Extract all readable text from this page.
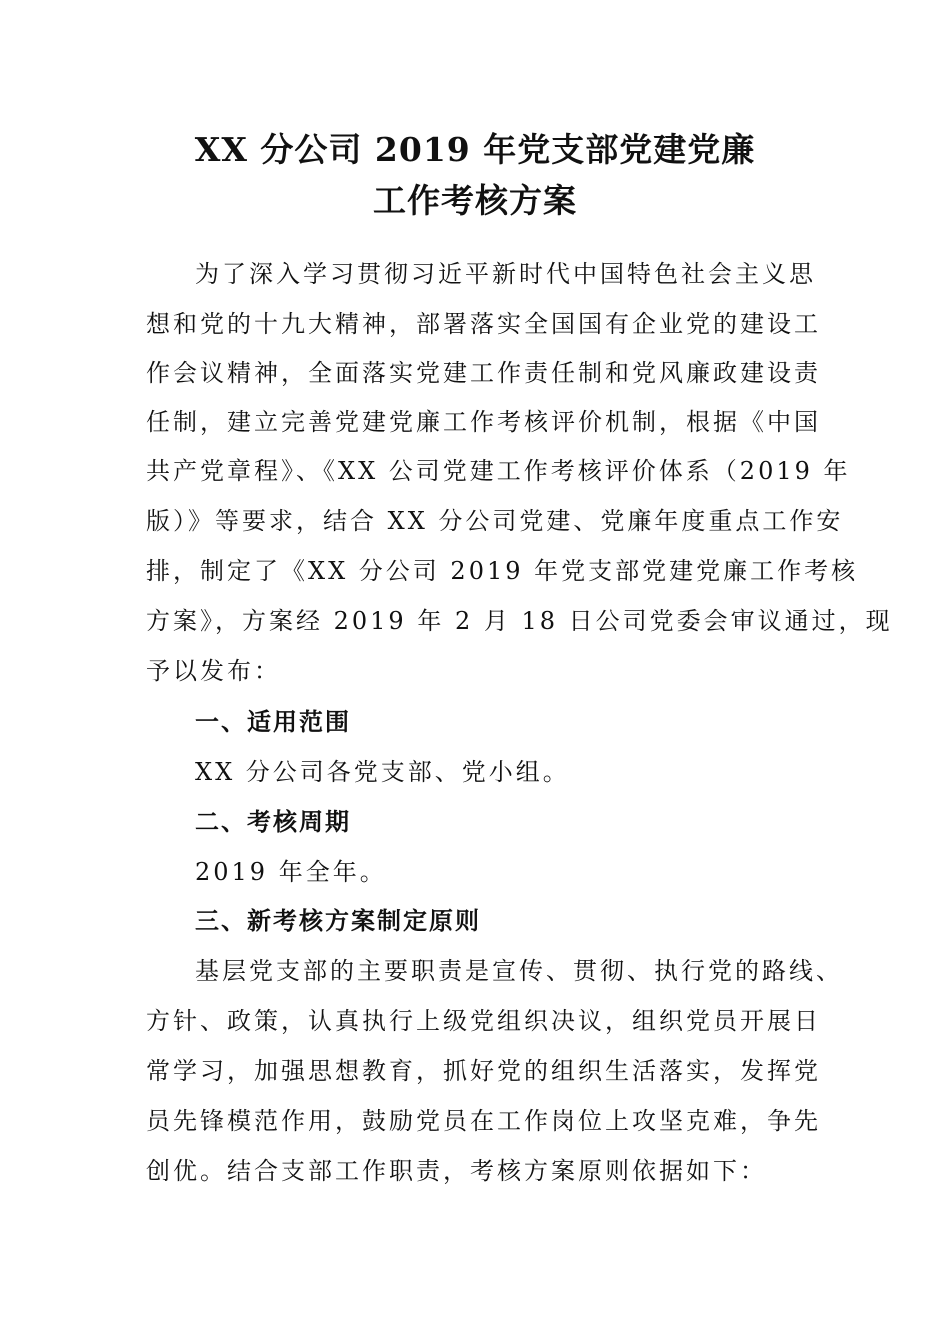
XX 分公司 2019 年党支部党建党廉
工作考核方案

为了深入学习贯彻习近平新时代中国特色社会主义思

想和党的十九大精神，部署落实全国国有企业党的建设工

作会议精神，全面落实党建工作责任制和党风廉政建设责

任制，建立完善党建党廉工作考核评价机制，根据《中国

共产党章程》、《XX 公司党建工作考核评价体系（2019 年

版）》等要求，结合 XX 分公司党建、党廉年度重点工作安

排，制定了《XX 分公司 2019 年党支部党建党廉工作考核

方案》，方案经 2019 年 2 月 18 日公司党委会审议通过，现

予以发布：

一、适用范围

XX 分公司各党支部、党小组。

二、考核周期

2019 年全年。

三、新考核方案制定原则

基层党支部的主要职责是宣传、贯彻、执行党的路线、

方针、政策，认真执行上级党组织决议，组织党员开展日

常学习，加强思想教育，抓好党的组织生活落实，发挥党

员先锋模范作用，鼓励党员在工作岗位上攻坚克难，争先

创优。结合支部工作职责，考核方案原则依据如下：
